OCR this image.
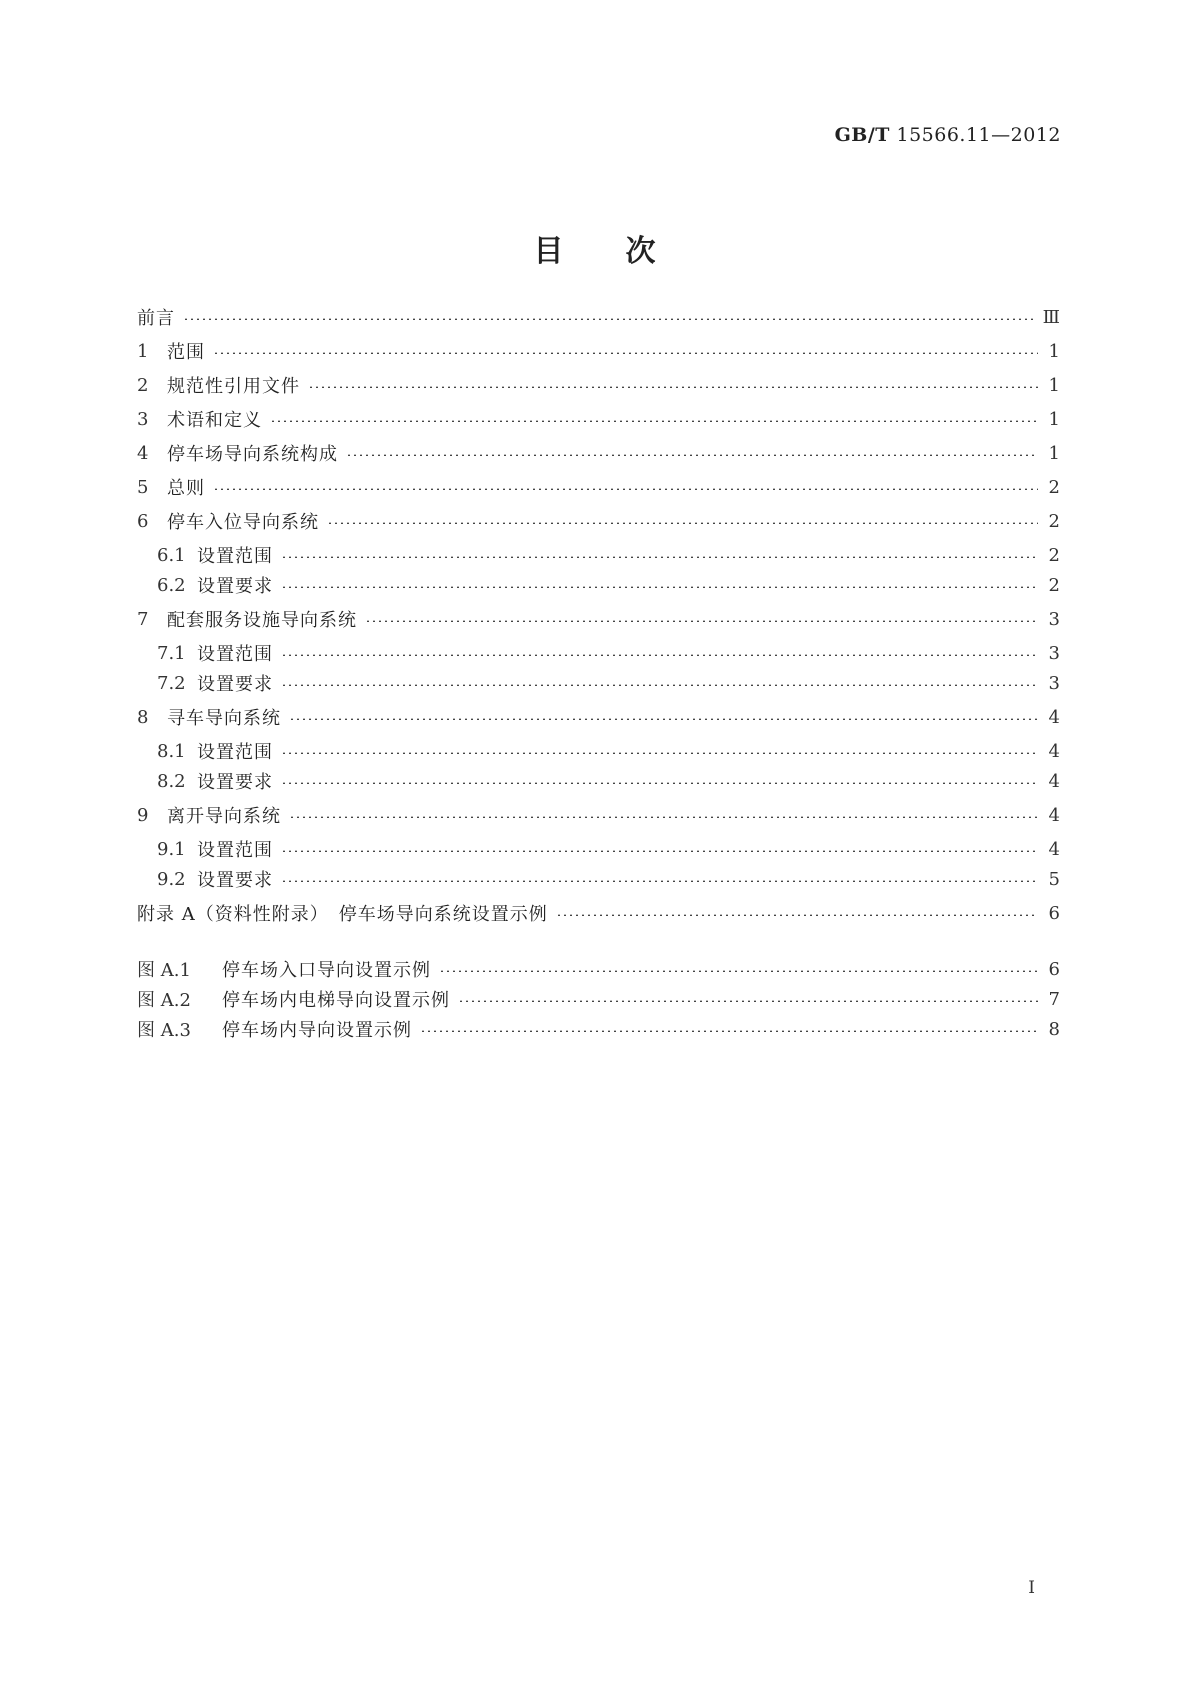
GB/T 15566.11—2012
目 次
前言	Ⅲ
1	范围	1
2	规范性引用文件	1
3	术语和定义	1
4	停车场导向系统构成	1
5	总则	2
6	停车入位导向系统	2
6.1 设置范围	2
6.2 设置要求	2
7	配套服务设施导向系统	3
7.1 设置范围	3
7.2 设置要求	3
8	寻车导向系统	4
8.1 设置范围	4
8.2 设置要求	4
9	离开导向系统	4
9.1 设置范围	4
9.2 设置要求	5
附录 A（资料性附录）　停车场导向系统设置示例	6
图 A.1	停车场入口导向设置示例	6
图 A.2	停车场内电梯导向设置示例	7
图 A.3	停车场内导向设置示例	8
I
